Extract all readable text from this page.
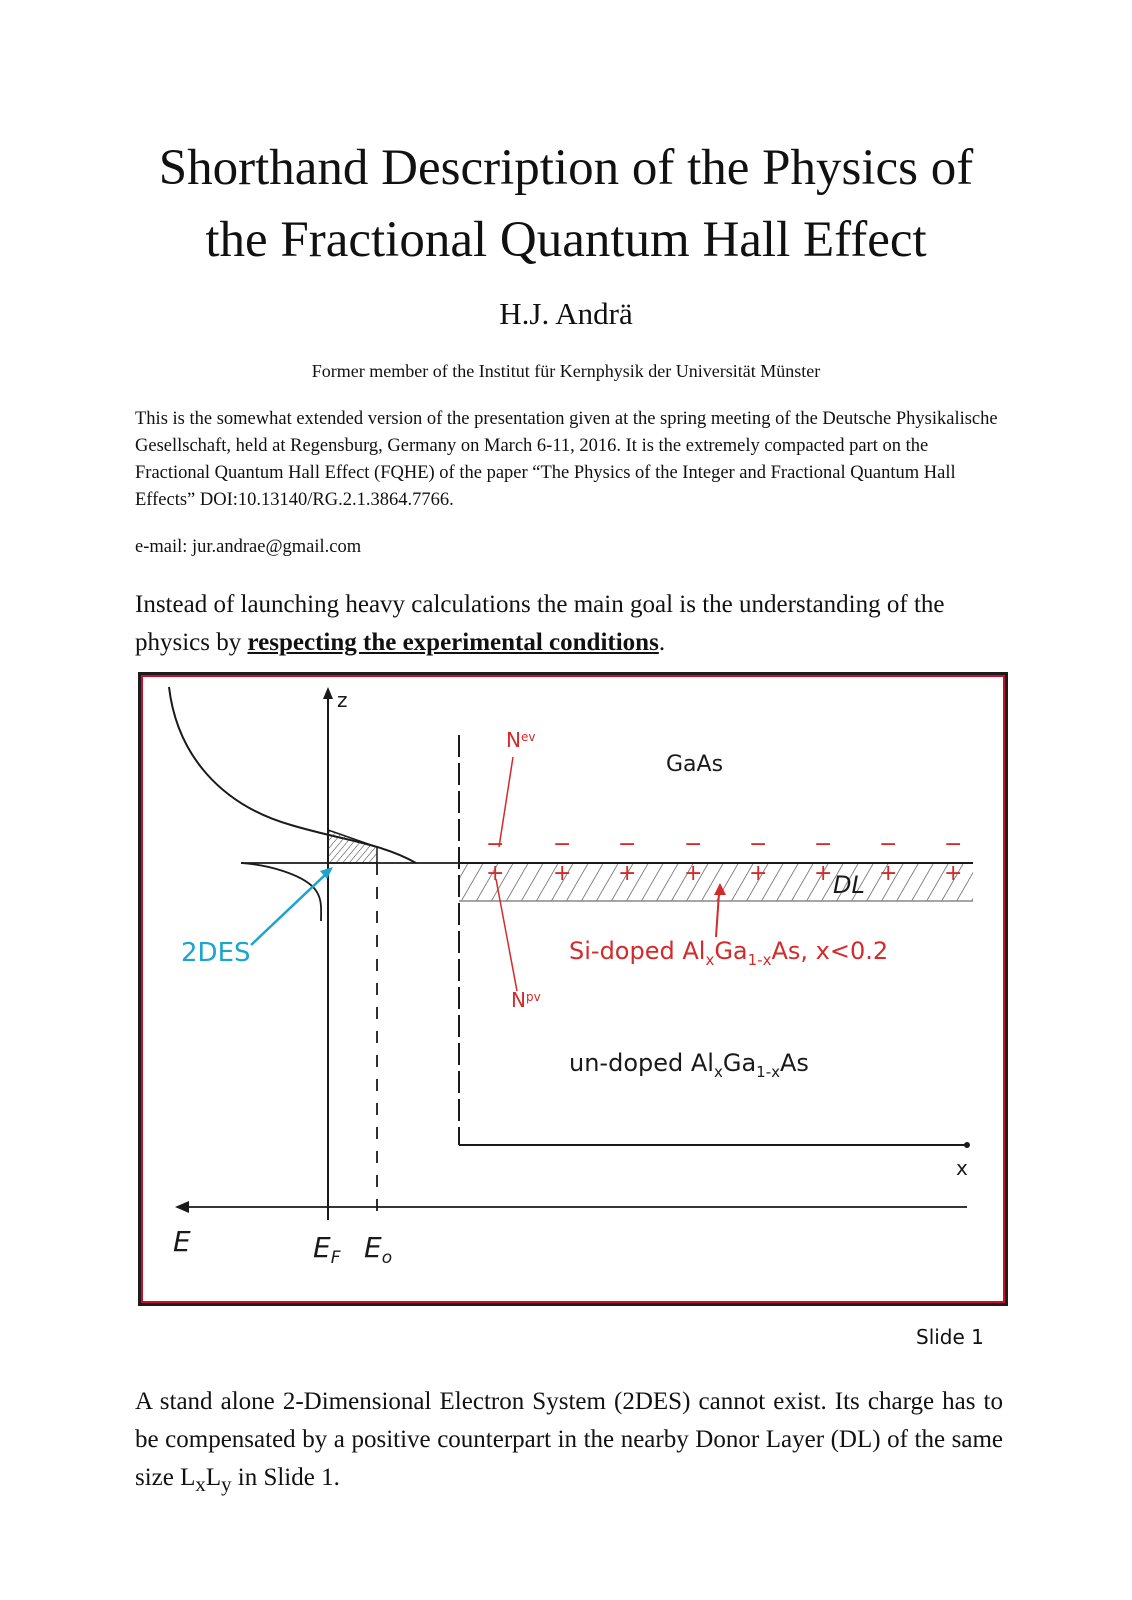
Shorthand Description of the Physics of
the Fractional Quantum Hall Effect
H.J. Andrä
Former member of the Institut für Kernphysik der Universität Münster
This is the somewhat extended version of the presentation given at the spring meeting of the Deutsche Physikalische Gesellschaft, held at Regensburg, Germany on March 6-11, 2016. It is the extremely compacted part on the Fractional Quantum Hall Effect (FQHE) of the paper “The Physics of the Integer and Fractional Quantum Hall Effects” DOI:10.13140/RG.2.1.3864.7766.
e-mail: jur.andrae@gmail.com
Instead of launching heavy calculations the main goal is the understanding of the physics by respecting the experimental conditions.
2DES
z
$N^{ev}$
$N^{pv}$
GaAs
− − − − − − − −
+ + + + + + + +
DL
Si-doped $Al_xGa_{1-x}As$, x<0.2
un-doped $Al_xGa_{1-x}As$
x
E	$E_F$ $E_o$
Slide 1
A stand alone 2-Dimensional Electron System (2DES) cannot exist. Its charge has to be compensated by a positive counterpart in the nearby Donor Layer (DL) of the same size $L_xL_y$ in Slide 1.
